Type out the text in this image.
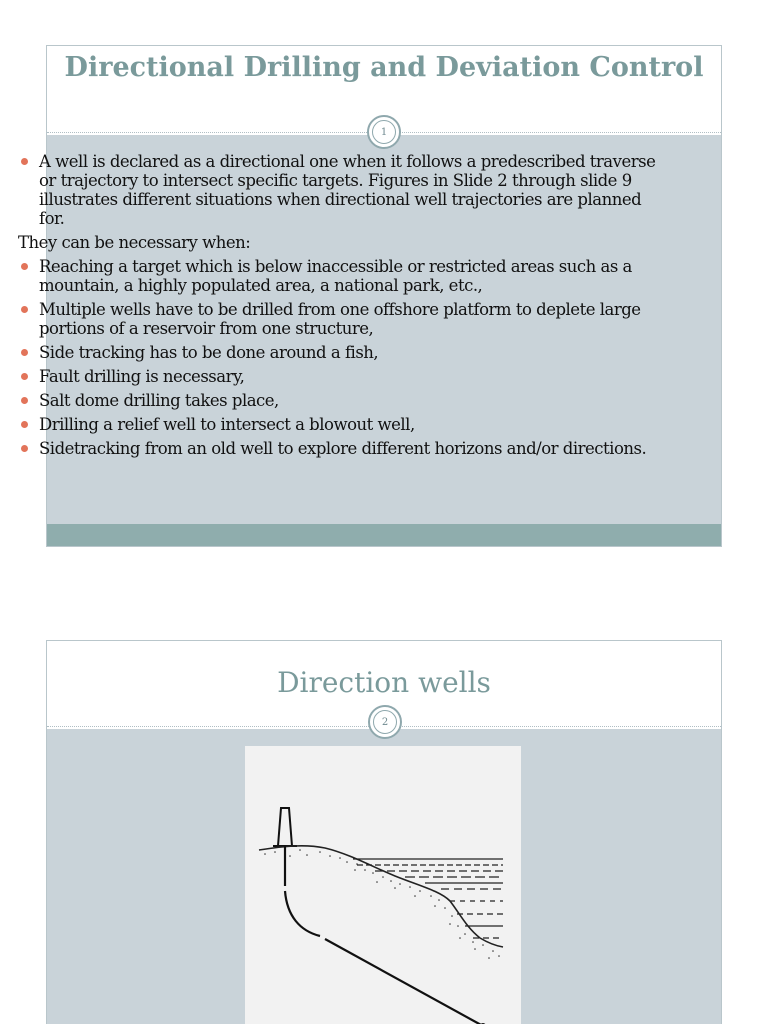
Directional Drilling and Deviation Control
1
A well is declared as a directional one when it follows a predescribed traverse or trajectory to intersect specific targets. Figures in Slide 2 through slide 9 illustrates different situations when directional well trajectories are planned for.
They can be necessary when:
Reaching a target which is below inaccessible or restricted areas such as a mountain, a highly populated area, a national park, etc.,
Multiple wells have to be drilled from one offshore platform to deplete large portions of a reservoir from one structure,
Side tracking has to be done around a fish,
Fault drilling is necessary,
Salt dome drilling takes place,
Drilling a relief well to intersect a blowout well,
Sidetracking from an old well to explore different horizons and/or directions.
Direction wells
2
